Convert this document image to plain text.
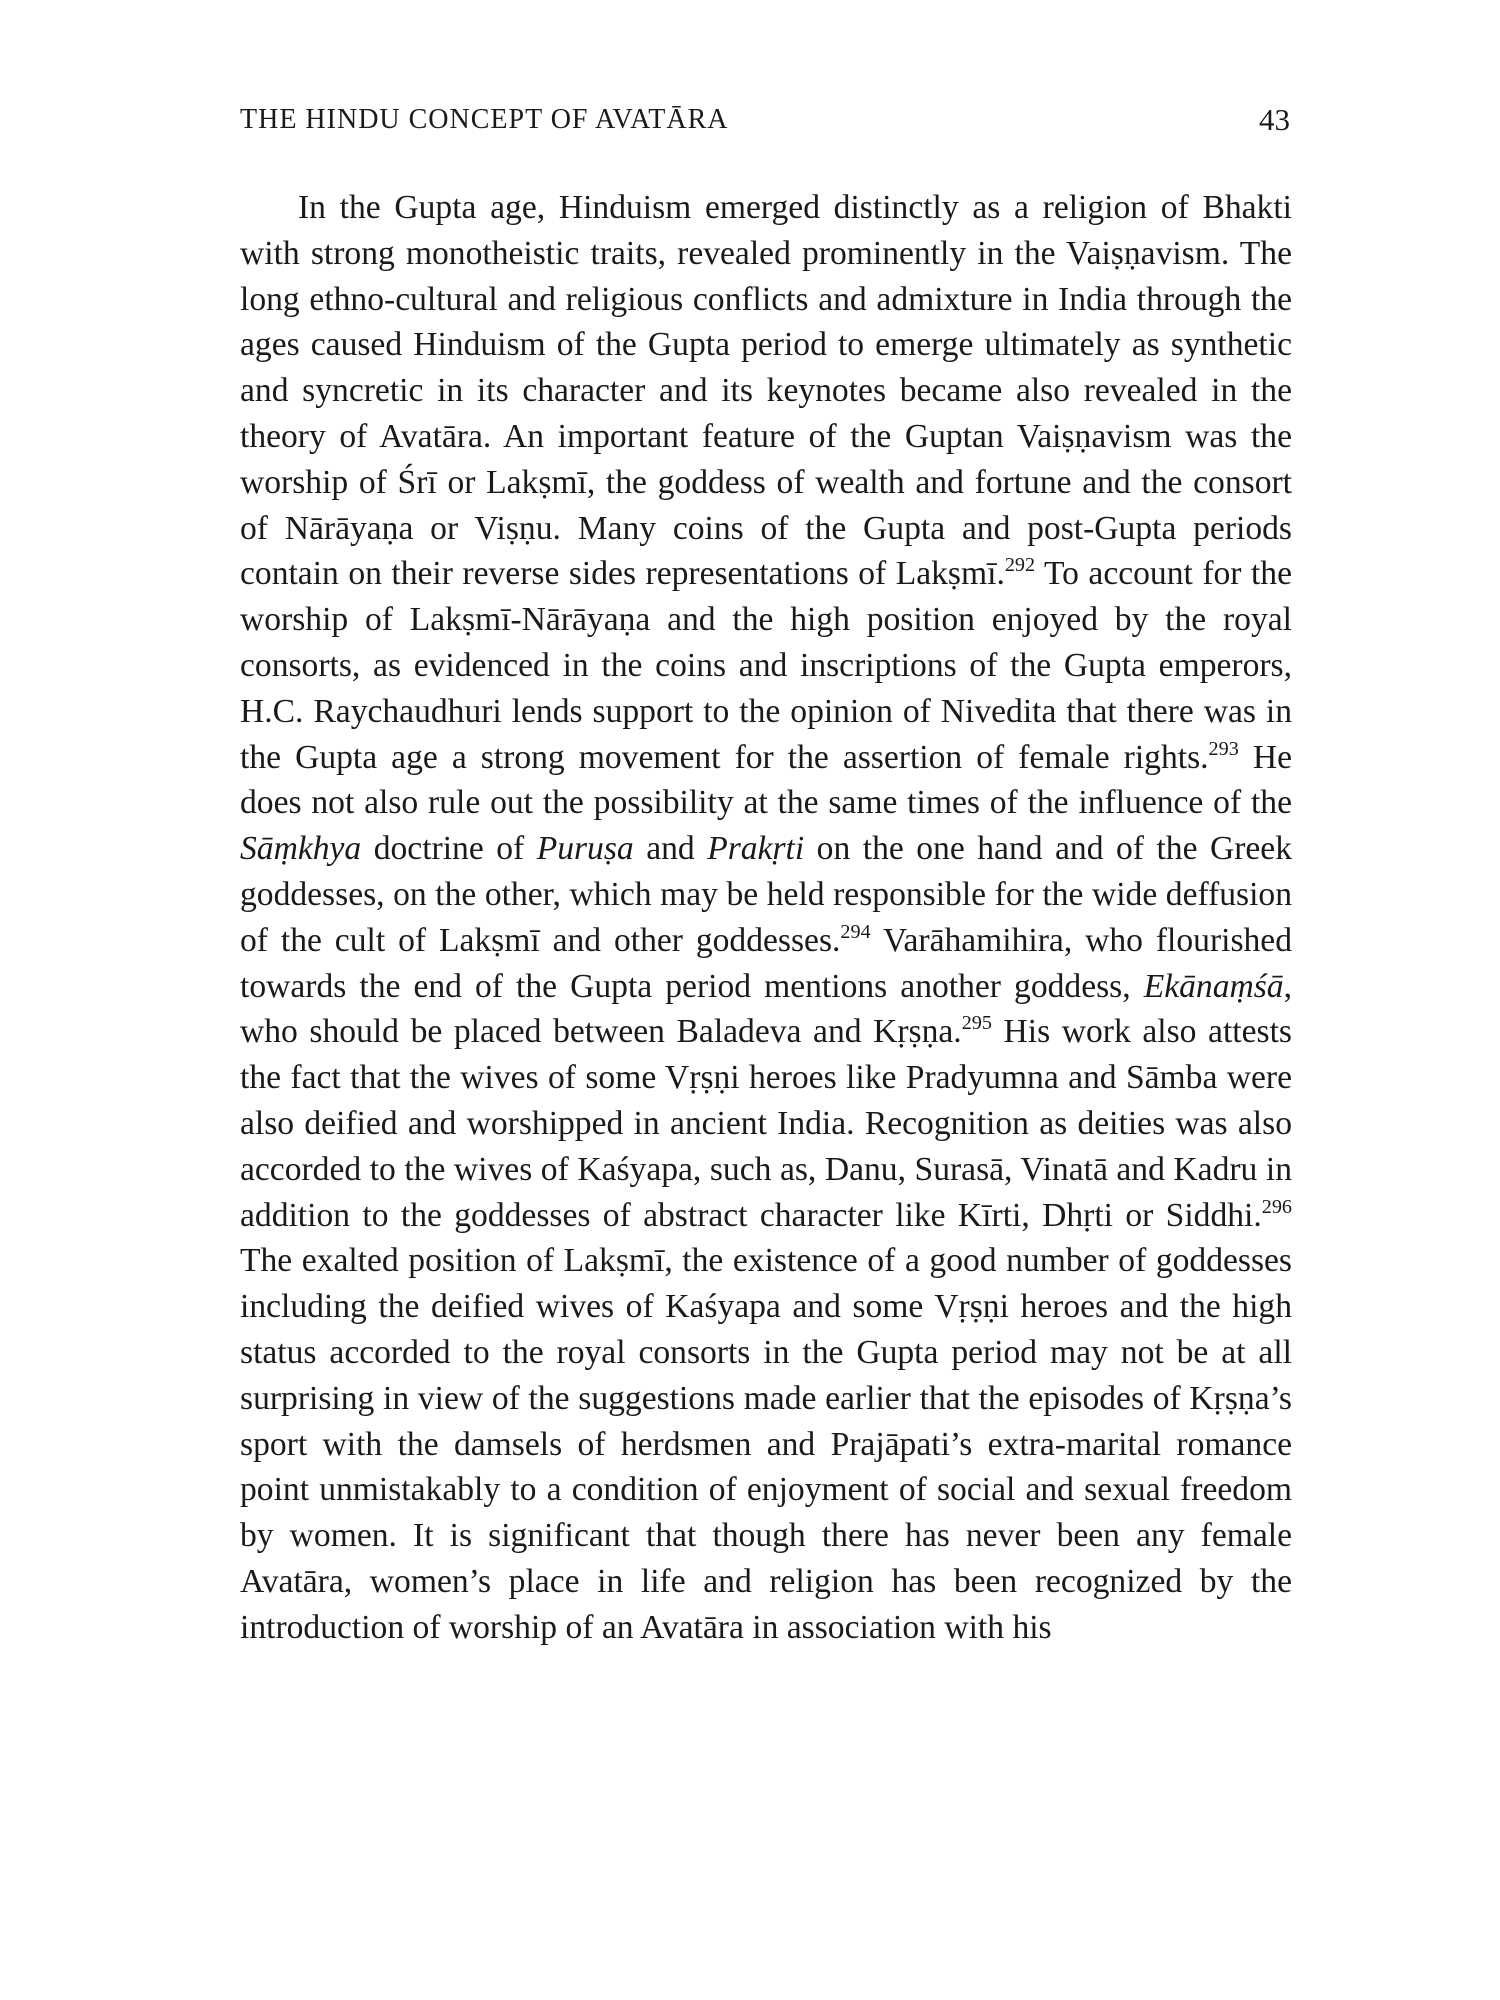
THE HINDU CONCEPT OF AVATĀRA	43

In the Gupta age, Hinduism emerged distinctly as a religion of Bhakti with strong monotheistic traits, revealed prominently in the Vaiṣṇavism. The long ethno-cultural and religious conflicts and admixture in India through the ages caused Hinduism of the Gupta period to emerge ultimately as synthetic and syncretic in its character and its keynotes became also revealed in the theory of Avatāra. An important feature of the Guptan Vaiṣṇavism was the worship of Śrī or Lakṣmī, the goddess of wealth and fortune and the consort of Nārāyaṇa or Viṣṇu. Many coins of the Gupta and post-Gupta periods contain on their reverse sides representations of Lakṣmī.$^{292}$ To account for the worship of Lakṣmī-Nārāyaṇa and the high position enjoyed by the royal consorts, as evidenced in the coins and inscriptions of the Gupta emperors, H.C. Raychaudhuri lends support to the opinion of Nivedita that there was in the Gupta age a strong movement for the assertion of female rights.$^{293}$ He does not also rule out the possibility at the same times of the influence of the Sāṃkhya doctrine of Puruṣa and Prakṛti on the one hand and of the Greek goddesses, on the other, which may be held responsible for the wide deffusion of the cult of Lakṣmī and other goddesses.$^{294}$ Varāhamihira, who flourished towards the end of the Gupta period mentions another goddess, Ekānaṃśā, who should be placed between Baladeva and Kṛṣṇa.$^{295}$ His work also attests the fact that the wives of some Vṛṣṇi heroes like Pradyumna and Sāmba were also deified and worshipped in ancient India. Recognition as deities was also accorded to the wives of Kaśyapa, such as, Danu, Surasā, Vinatā and Kadru in addition to the goddesses of abstract character like Kīrti, Dhṛti or Siddhi.$^{296}$ The exalted position of Lakṣmī, the existence of a good number of goddesses including the deified wives of Kaśyapa and some Vṛṣṇi heroes and the high status accorded to the royal consorts in the Gupta period may not be at all surprising in view of the suggestions made earlier that the episodes of Kṛṣṇa’s sport with the damsels of herdsmen and Prajāpati’s extra-marital romance point unmistakably to a condition of enjoyment of social and sexual freedom by women. It is significant that though there has never been any female Avatāra, women’s place in life and religion has been recognized by the introduction of worship of an Avatāra in association with his
